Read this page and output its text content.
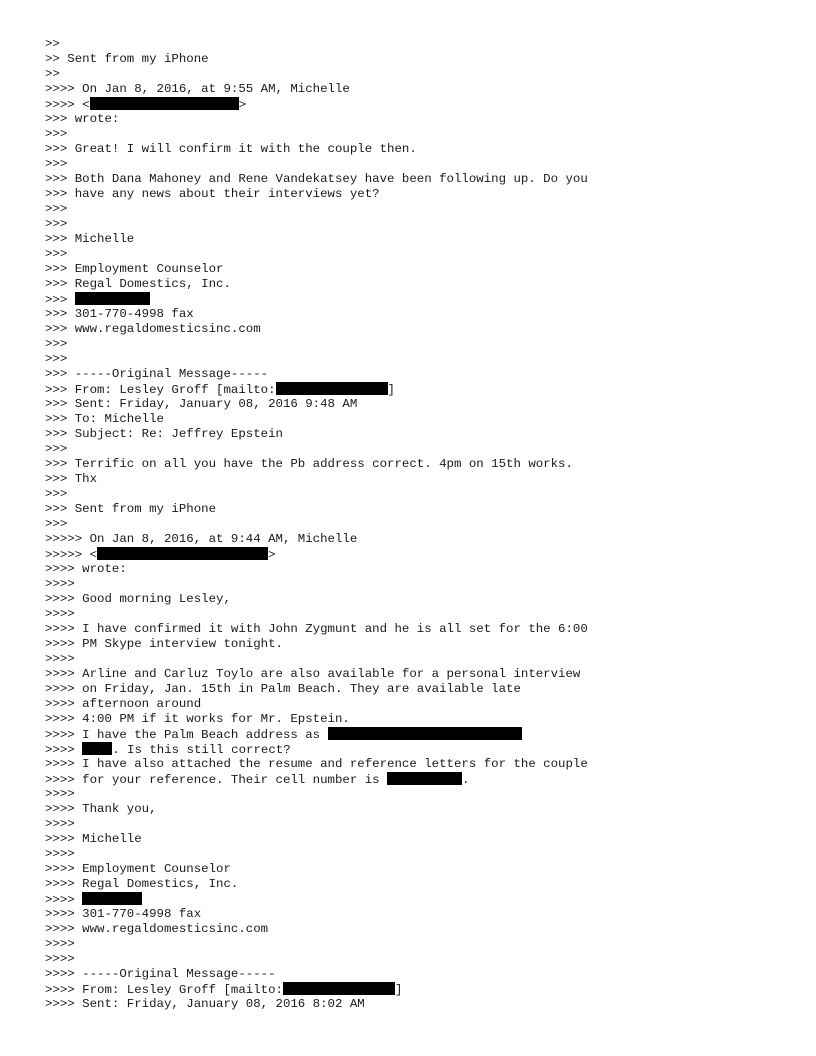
>>
>> Sent from my iPhone
>>
>>>> On Jan 8, 2016, at 9:55 AM, Michelle
>>>> <	>
>>> wrote:
>>>
>>> Great! I will confirm it with the couple then.
>>>
>>> Both Dana Mahoney and Rene Vandekatsey have been following up. Do you
>>> have any news about their interviews yet?
>>>
>>>
>>> Michelle
>>>
>>> Employment Counselor
>>> Regal Domestics, Inc.
>>>
>>> 301-770-4998 fax
>>> www.regaldomesticsinc.com
>>>
>>>
>>> -----Original Message-----
>>> From: Lesley Groff [mailto:	]
>>> Sent: Friday, January 08, 2016 9:48 AM
>>> To: Michelle
>>> Subject: Re: Jeffrey Epstein
>>>
>>> Terrific on all you have the Pb address correct. 4pm on 15th works.
>>> Thx
>>>
>>> Sent from my iPhone
>>>
>>>>> On Jan 8, 2016, at 9:44 AM, Michelle
>>>>> <	>
>>>> wrote:
>>>>
>>>> Good morning Lesley,
>>>>
>>>> I have confirmed it with John Zygmunt and he is all set for the 6:00
>>>> PM Skype interview tonight.
>>>>
>>>> Arline and Carluz Toylo are also available for a personal interview
>>>> on Friday, Jan. 15th in Palm Beach. They are available late
>>>> afternoon around
>>>> 4:00 PM if it works for Mr. Epstein.
>>>> I have the Palm Beach address as
>>>> . Is this still correct?
>>>> I have also attached the resume and reference letters for the couple
>>>> for your reference. Their cell number is	.
>>>>
>>>> Thank you,
>>>>
>>>> Michelle
>>>>
>>>> Employment Counselor
>>>> Regal Domestics, Inc.
>>>>
>>>> 301-770-4998 fax
>>>> www.regaldomesticsinc.com
>>>>
>>>>
>>>> -----Original Message-----
>>>> From: Lesley Groff [mailto:	]
>>>> Sent: Friday, January 08, 2016 8:02 AM
